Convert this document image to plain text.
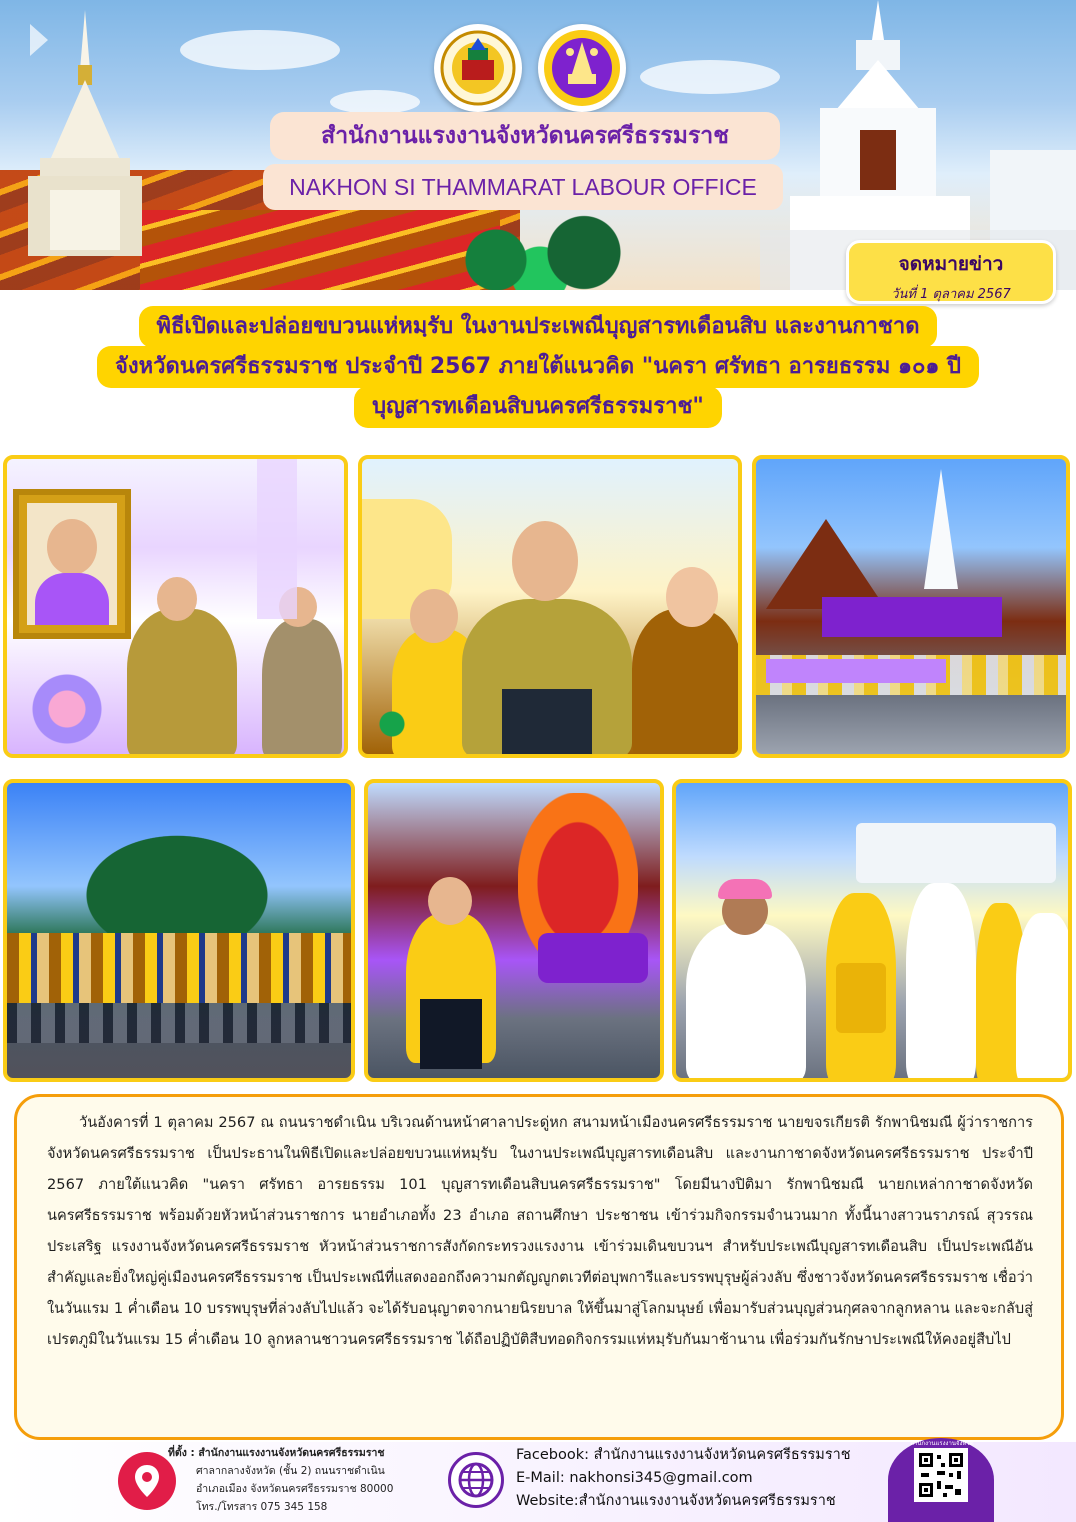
สำนักงานแรงงานจังหวัดนครศรีธรรมราช
NAKHON SI THAMMARAT LABOUR OFFICE
จดหมายข่าว
วันที่ 1 ตุลาคม 2567
พิธีเปิดและปล่อยขบวนแห่หมฺรับ ในงานประเพณีบุญสารทเดือนสิบ และงานกาชาด
จังหวัดนครศรีธรรมราช ประจำปี 2567 ภายใต้แนวคิด "นครา ศรัทธา อารยธรรม ๑๐๑ ปี
บุญสารทเดือนสิบนครศรีธรรมราช"

วันอังคารที่ 1 ตุลาคม 2567 ณ ถนนราชดำเนิน บริเวณด้านหน้าศาลาประดู่หก สนามหน้าเมืองนครศรีธรรมราช นายขจรเกียรติ รักพานิชมณี ผู้ว่าราชการจังหวัดนครศรีธรรมราช เป็นประธานในพิธีเปิดและปล่อยขบวนแห่หมฺรับ ในงานประเพณีบุญสารทเดือนสิบ และงานกาชาดจังหวัดนครศรีธรรมราช ประจำปี 2567 ภายใต้แนวคิด "นครา ศรัทธา อารยธรรม 101 บุญสารทเดือนสิบนครศรีธรรมราช" โดยมีนางปิติมา รักพานิชมณี นายกเหล่ากาชาดจังหวัดนครศรีธรรมราช พร้อมด้วยหัวหน้าส่วนราชการ นายอำเภอทั้ง 23 อำเภอ สถานศึกษา ประชาชน เข้าร่วมกิจกรรมจำนวนมาก ทั้งนี้นางสาวนราภรณ์ สุวรรณประเสริฐ แรงงานจังหวัดนครศรีธรรมราช หัวหน้าส่วนราชการสังกัดกระทรวงแรงงาน เข้าร่วมเดินขบวนฯ สำหรับประเพณีบุญสารทเดือนสิบ เป็นประเพณีอันสำคัญและยิ่งใหญ่คู่เมืองนครศรีธรรมราช เป็นประเพณีที่แสดงออกถึงความกตัญญูกตเวทีต่อบุพการีและบรรพบุรุษผู้ล่วงลับ ซึ่งชาวจังหวัดนครศรีธรรมราช เชื่อว่า ในวันแรม 1 ค่ำเดือน 10 บรรพบุรุษที่ล่วงลับไปแล้ว จะได้รับอนุญาตจากนายนิรยบาล ให้ขึ้นมาสู่โลกมนุษย์ เพื่อมารับส่วนบุญส่วนกุศลจากลูกหลาน และจะกลับสู่เปรตภูมิในวันแรม 15 ค่ำเดือน 10 ลูกหลานชาวนครศรีธรรมราช ได้ถือปฏิบัติสืบทอดกิจกรรมแห่หมฺรับกันมาช้านาน เพื่อร่วมกันรักษาประเพณีให้คงอยู่สืบไป

ที่ตั้ง : สำนักงานแรงงานจังหวัดนครศรีธรรมราช
ศาลากลางจังหวัด (ชั้น 2) ถนนราชดำเนิน
อำเภอเมือง จังหวัดนครศรีธรรมราช 80000
โทร./โทรสาร 075 345 158
Facebook: สำนักงานแรงงานจังหวัดนครศรีธรรมราช
E-Mail: nakhonsi345@gmail.com
Website:สำนักงานแรงงานจังหวัดนครศรีธรรมราช
สำนักงานแรงงานจังหวัด
